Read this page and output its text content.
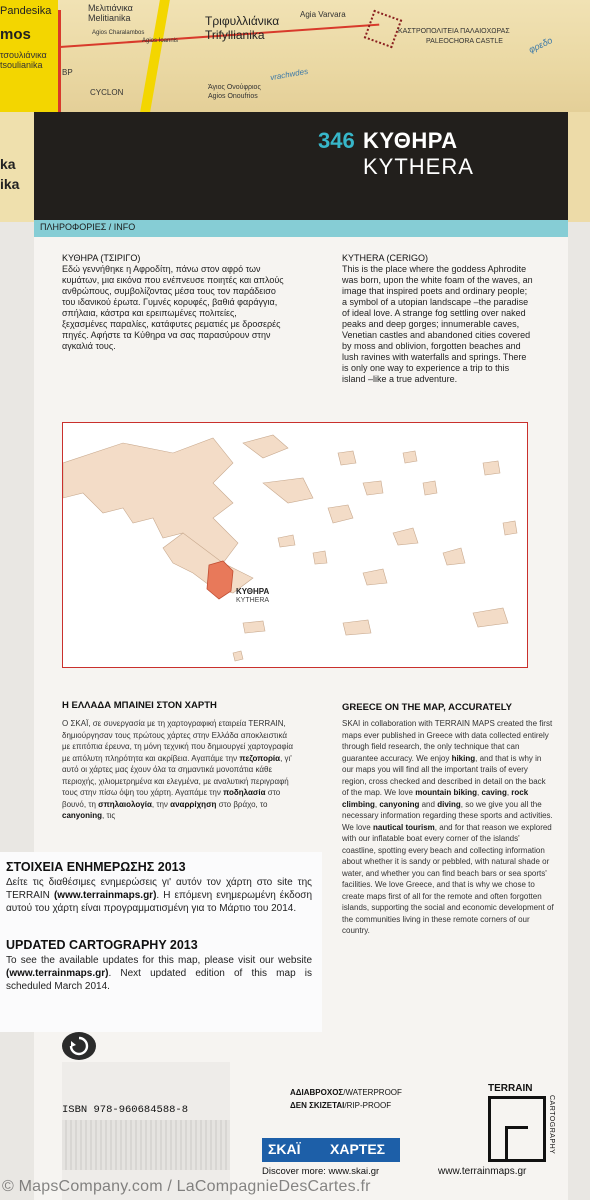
Μελιτιάνικα
Melitianika
Pandesika
mos
τσουλιάνικα
tsoulianika
Τριφυλλιάνικα
Trifyllianika
Agia Varvara
Agios Charalambos
Agios Ioannis
ΚΑΣΤΡΟΠΟΛΙΤΕΙΑ ΠΑΛΑΙΟΧΩΡΑΣ
PALEOCHORA CASTLE
CYCLON
BP
Άγιος Ονούφριος
Agios Onoufrios
vrachwdes
φρεδο
ka
ika
346 ΚΥΘΗΡΑ
KYTHERA
ΠΛΗΡΟΦΟΡΙΕΣ / INFO
ΚΥΘΗΡΑ (ΤΣΙΡΙΓΟ)

Εδώ γεννήθηκε η Αφροδίτη, πάνω στον αφρό των κυμάτων, μια εικόνα που ενέπνευσε ποιητές και απλούς ανθρώπους, συμβολίζοντας μέσα τους τον παράδεισο του ιδανικού έρωτα. Γυμνές κορυφές, βαθιά φαράγγια, σπήλαια, κάστρα και ερειπωμένες πολιτείες, ξεχασμένες παραλίες, κατάφυτες ρεματιές με δροσερές πηγές. Αφήστε τα Κύθηρα να σας παρασύρουν στην αγκαλιά τους.

KYTHERA (CERIGO)

This is the place where the goddess Aphrodite was born, upon the white foam of the waves, an image that inspired poets and ordinary people; a symbol of a utopian landscape –the paradise of ideal love. A strange fog settling over naked peaks and deep gorges; innumerable caves, Venetian castles and abandoned cities covered by moss and oblivion, forgotten beaches and lush ravines with waterfalls and springs. There is only one way to experience a trip to this island –like a true adventure.

ΚΥΘΗΡΑ
KYTHERA
Η ΕΛΛΑΔΑ ΜΠΑΙΝΕΙ ΣΤΟΝ ΧΑΡΤΗ
Ο ΣΚΑΪ, σε συνεργασία με τη χαρτογραφική εταιρεία TERRAIN, δημιούργησαν τους πρώτους χάρτες στην Ελλάδα αποκλειστικά με επιτόπια έρευνα, τη μόνη τεχνική που δημιουργεί χαρτογραφία με απόλυτη πληρότητα και ακρίβεια. Αγαπάμε την πεζοπορία, γι' αυτό οι χάρτες μας έχουν όλα τα σημαντικά μονοπάτια κάθε περιοχής, χιλιομετρημένα και ελεγμένα, με αναλυτική περιγραφή τους στην πίσω όψη του χάρτη. Αγαπάμε την ποδηλασία στο βουνό, τη σπηλαιολογία, την αναρρίχηση στο βράχο, το canyoning, τις
GREECE ON THE MAP, ACCURATELY
SKAI in collaboration with TERRAIN MAPS created the first maps ever published in Greece with data collected entirely through field research, the only technique that can guarantee accuracy. We enjoy hiking, and that is why in our maps you will find all the important trails of every region, cross checked and described in detail on the back of the map. We love mountain biking, caving, rock climbing, canyoning and diving, so we give you all the necessary information regarding these sports and activities.
We love nautical tourism, and for that reason we explored with our inflatable boat every corner of the islands' coastline, spotting every beach and collecting information about whether it is sandy or pebbled, with natural shade or water, and whether you can find beach bars or sea sports' facilities. We love Greece, and that is why we chose to create maps first of all for the remote and often forgotten islands, supporting the social and economic development of the communities living in these remote corners of our country.
ΣΤΟΙΧΕΙΑ ΕΝΗΜΕΡΩΣΗΣ 2013
Δείτε τις διαθέσιμες ενημερώσεις γι' αυτόν τον χάρτη στο site της TERRAIN (www.terrainmaps.gr). Η επόμενη ενημερωμένη έκδοση αυτού του χάρτη είναι προγραμματισμένη για το Μάρτιο του 2014.
UPDATED CARTOGRAPHY 2013
To see the available updates for this map, please visit our website (www.terrainmaps.gr). Next updated edition of this map is scheduled March 2014.
ISBN 978-960684588-8
ΑΔΙΑΒΡΟΧΟΣ/WATERPROOF
ΔΕΝ ΣΚΙΖΕΤΑΙ/RIP-PROOF
ΣΚΑΪ ΧΑΡΤΕΣ
Discover more: www.skai.gr
TERRAIN
CARTOGRAPHY
www.terrainmaps.gr
© MapsCompany.com / LaCompagnieDesCartes.fr
